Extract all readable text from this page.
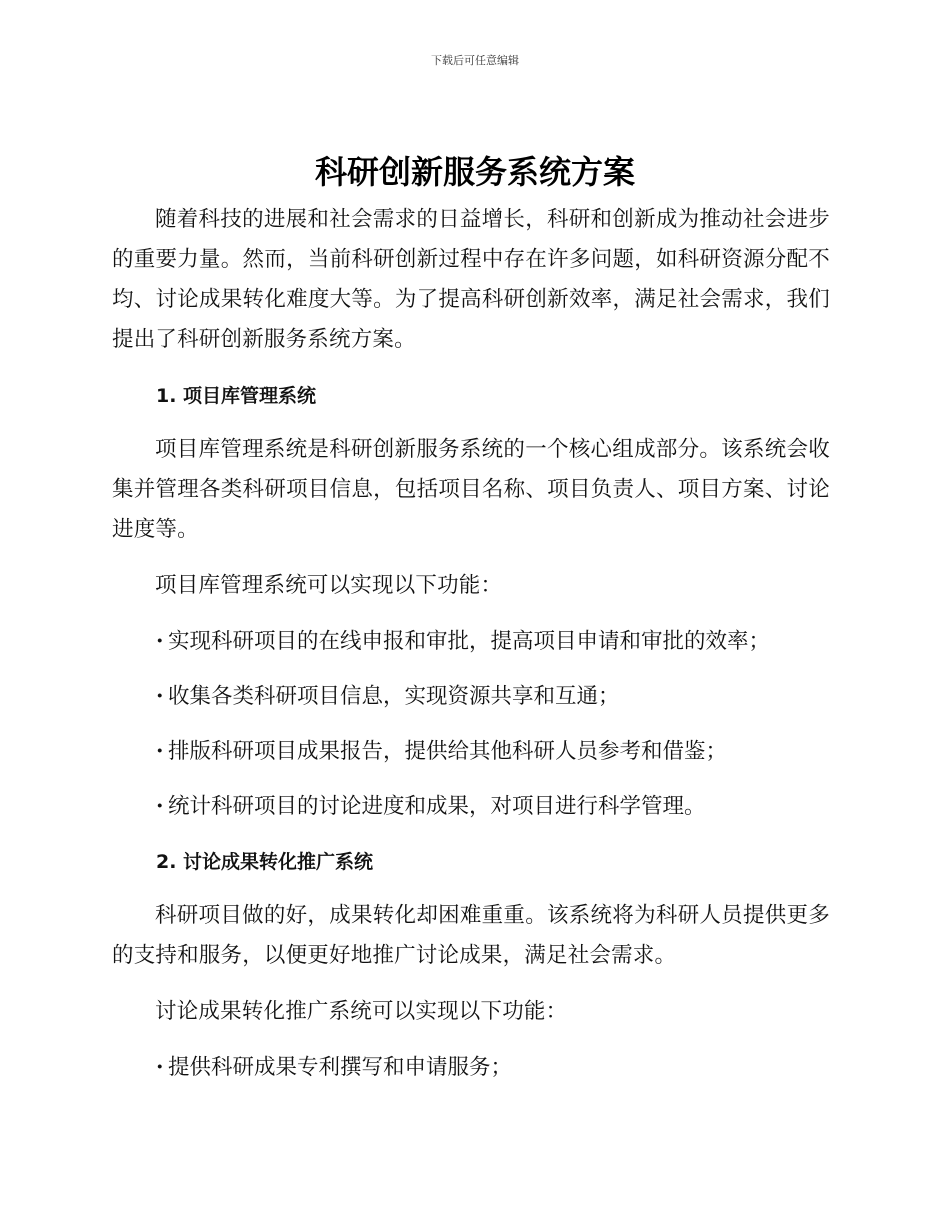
下载后可任意编辑
科研创新服务系统方案

随着科技的进展和社会需求的日益增长，科研和创新成为推动社会进步的重要力量。然而，当前科研创新过程中存在许多问题，如科研资源分配不均、讨论成果转化难度大等。为了提高科研创新效率，满足社会需求，我们提出了科研创新服务系统方案。

1. 项目库管理系统

项目库管理系统是科研创新服务系统的一个核心组成部分。该系统会收集并管理各类科研项目信息，包括项目名称、项目负责人、项目方案、讨论进度等。

项目库管理系统可以实现以下功能：

· 实现科研项目的在线申报和审批，提高项目申请和审批的效率；
· 收集各类科研项目信息，实现资源共享和互通；
· 排版科研项目成果报告，提供给其他科研人员参考和借鉴；
· 统计科研项目的讨论进度和成果，对项目进行科学管理。
2. 讨论成果转化推广系统

科研项目做的好，成果转化却困难重重。该系统将为科研人员提供更多的支持和服务，以便更好地推广讨论成果，满足社会需求。

讨论成果转化推广系统可以实现以下功能：

· 提供科研成果专利撰写和申请服务；
